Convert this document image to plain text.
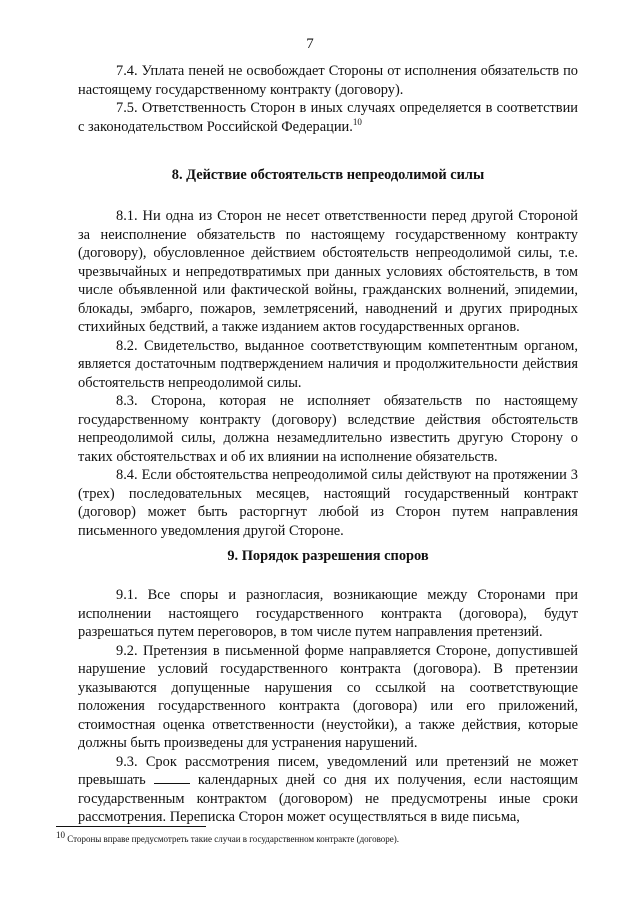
7

7.4. Уплата пеней не освобождает Стороны от исполнения обязательств по настоящему государственному контракту (договору).

7.5. Ответственность Сторон в иных случаях определяется в соответствии с законодательством Российской Федерации.$^{10}$

8. Действие обстоятельств непреодолимой силы

8.1. Ни одна из Сторон не несет ответственности перед другой Стороной за неисполнение обязательств по настоящему государственному контракту (договору), обусловленное действием обстоятельств непреодолимой силы, т.е. чрезвычайных и непредотвратимых при данных условиях обстоятельств, в том числе объявленной или фактической войны, гражданских волнений, эпидемии, блокады, эмбарго, пожаров, землетрясений, наводнений и других природных стихийных бедствий, а также изданием актов государственных органов.

8.2. Свидетельство, выданное соответствующим компетентным органом, является достаточным подтверждением наличия и продолжительности действия обстоятельств непреодолимой силы.

8.3. Сторона, которая не исполняет обязательств по настоящему государственному контракту (договору) вследствие действия обстоятельств непреодолимой силы, должна незамедлительно известить другую Сторону о таких обстоятельствах и об их влиянии на исполнение обязательств.

8.4. Если обстоятельства непреодолимой силы действуют на протяжении 3 (трех) последовательных месяцев, настоящий государственный контракт (договор) может быть расторгнут любой из Сторон путем направления письменного уведомления другой Стороне.

9. Порядок разрешения споров

9.1. Все споры и разногласия, возникающие между Сторонами при исполнении настоящего государственного контракта (договора), будут разрешаться путем переговоров, в том числе путем направления претензий.

9.2. Претензия в письменной форме направляется Стороне, допустившей нарушение условий государственного контракта (договора). В претензии указываются допущенные нарушения со ссылкой на соответствующие положения государственного контракта (договора) или его приложений, стоимостная оценка ответственности (неустойки), а также действия, которые должны быть произведены для устранения нарушений.

9.3. Срок рассмотрения писем, уведомлений или претензий не может превышать	календарных дней со дня их получения, если настоящим государственным контрактом (договором) не предусмотрены иные сроки рассмотрения. Переписка Сторон может осуществляться в виде письма,

$^{10}$ Стороны вправе предусмотреть такие случаи в государственном контракте (договоре).
